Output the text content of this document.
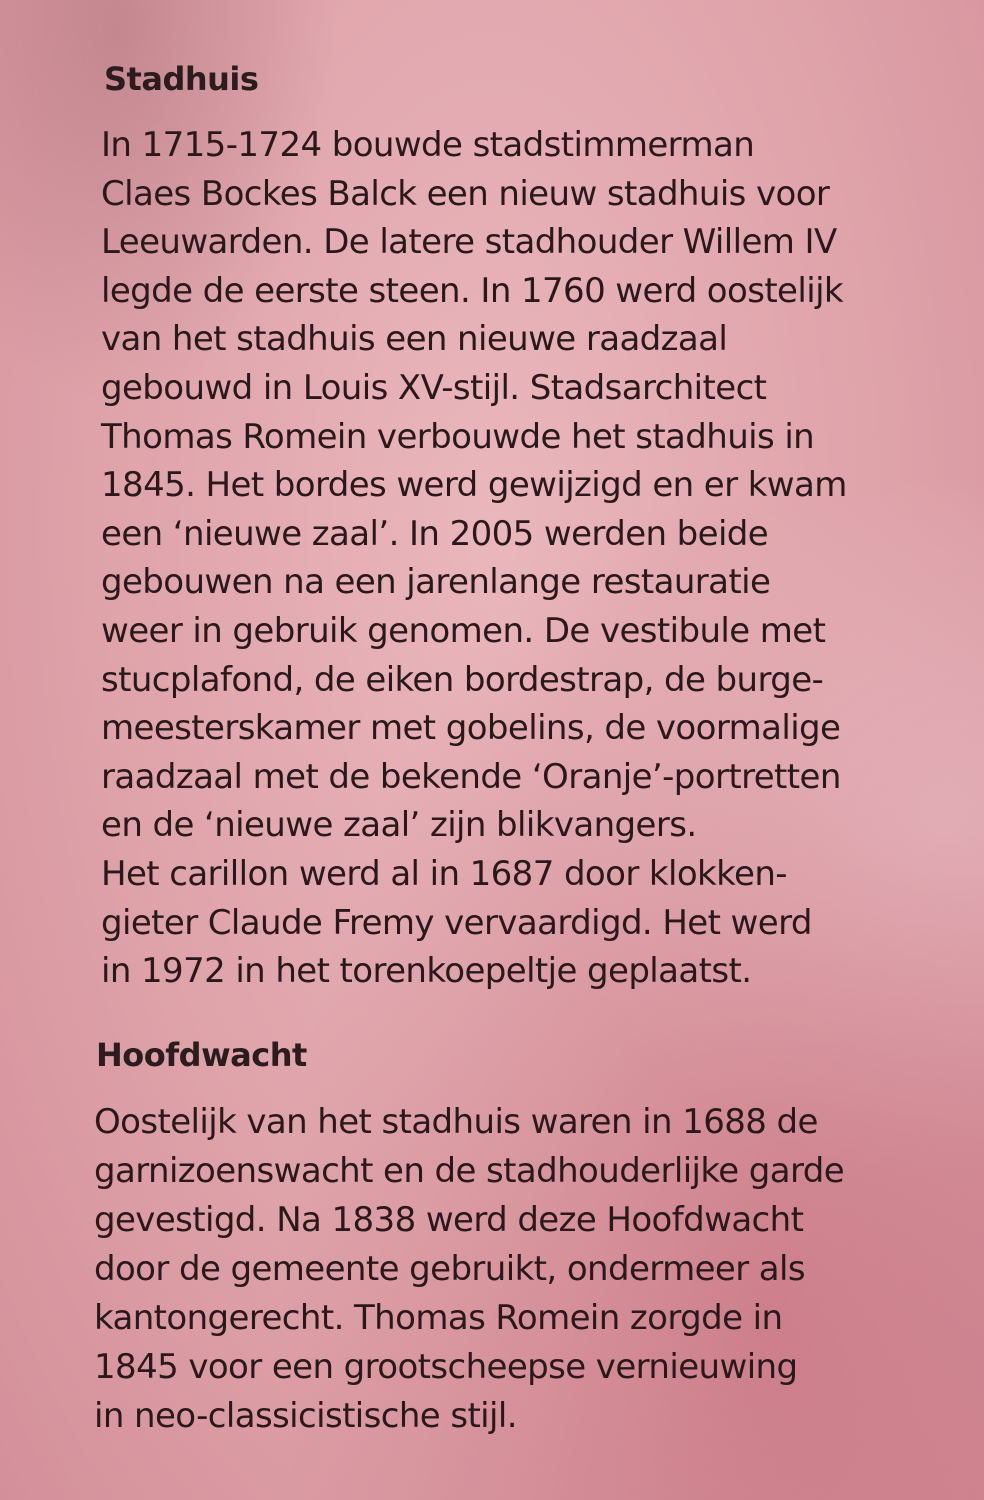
Stadhuis

In 1715-1724 bouwde stadstimmerman
Claes Bockes Balck een nieuw stadhuis voor
Leeuwarden. De latere stadhouder Willem IV
legde de eerste steen. In 1760 werd oostelijk
van het stadhuis een nieuwe raadzaal
gebouwd in Louis XV-stijl. Stadsarchitect
Thomas Romein verbouwde het stadhuis in
1845. Het bordes werd gewijzigd en er kwam
een ‘nieuwe zaal’. In 2005 werden beide
gebouwen na een jarenlange restauratie
weer in gebruik genomen. De vestibule met
stucplafond, de eiken bordestrap, de burge-
meesterskamer met gobelins, de voormalige
raadzaal met de bekende ‘Oranje’-portretten
en de ‘nieuwe zaal’ zijn blikvangers.
Het carillon werd al in 1687 door klokken-
gieter Claude Fremy vervaardigd. Het werd
in 1972 in het torenkoepeltje geplaatst.

Hoofdwacht

Oostelijk van het stadhuis waren in 1688 de
garnizoenswacht en de stadhouderlijke garde
gevestigd. Na 1838 werd deze Hoofdwacht
door de gemeente gebruikt, ondermeer als
kantongerecht. Thomas Romein zorgde in
1845 voor een grootscheepse vernieuwing
in neo-classicistische stijl.
